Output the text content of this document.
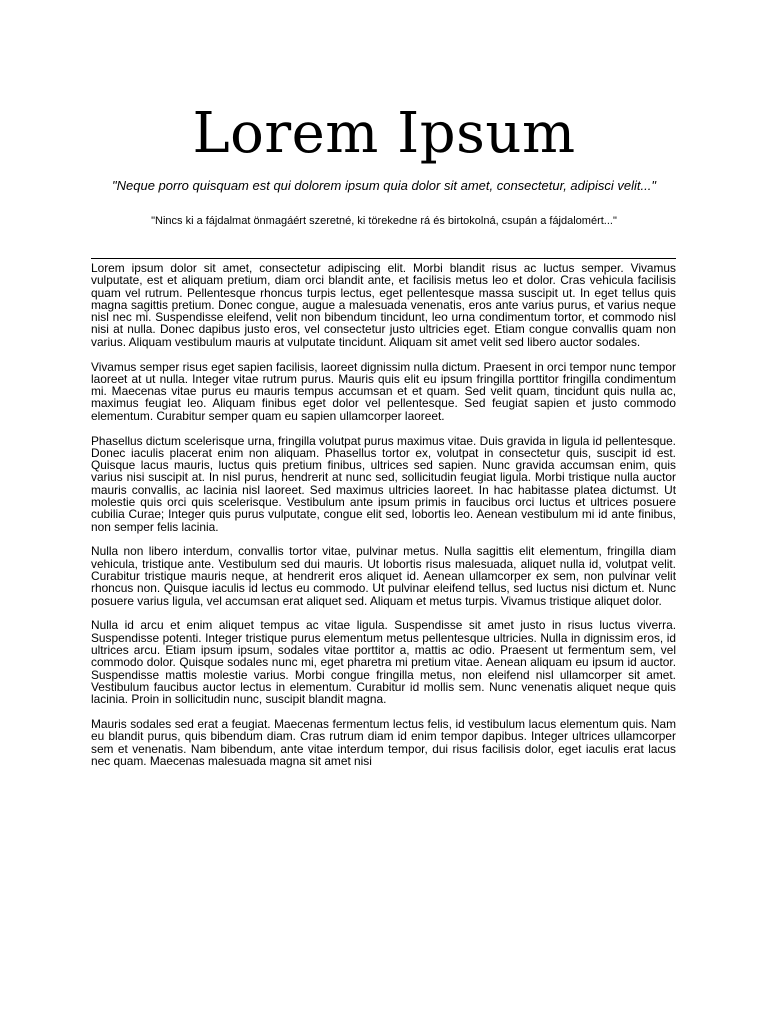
Lorem Ipsum

"Neque porro quisquam est qui dolorem ipsum quia dolor sit amet, consectetur, adipisci velit..."

"Nincs ki a fájdalmat önmagáért szeretné, ki törekedne rá és birtokolná, csupán a fájdalomért..."

Lorem ipsum dolor sit amet, consectetur adipiscing elit. Morbi blandit risus ac luctus semper. Vivamus vulputate, est et aliquam pretium, diam orci blandit ante, et facilisis metus leo et dolor. Cras vehicula facilisis quam vel rutrum. Pellentesque rhoncus turpis lectus, eget pellentesque massa suscipit ut. In eget tellus quis magna sagittis pretium. Donec congue, augue a malesuada venenatis, eros ante varius purus, et varius neque nisl nec mi. Suspendisse eleifend, velit non bibendum tincidunt, leo urna condimentum tortor, et commodo nisl nisi at nulla. Donec dapibus justo eros, vel consectetur justo ultricies eget. Etiam congue convallis quam non varius. Aliquam vestibulum mauris at vulputate tincidunt. Aliquam sit amet velit sed libero auctor sodales.

Vivamus semper risus eget sapien facilisis, laoreet dignissim nulla dictum. Praesent in orci tempor nunc tempor laoreet at ut nulla. Integer vitae rutrum purus. Mauris quis elit eu ipsum fringilla porttitor fringilla condimentum mi. Maecenas vitae purus eu mauris tempus accumsan et et quam. Sed velit quam, tincidunt quis nulla ac, maximus feugiat leo. Aliquam finibus eget dolor vel pellentesque. Sed feugiat sapien et justo commodo elementum. Curabitur semper quam eu sapien ullamcorper laoreet.

Phasellus dictum scelerisque urna, fringilla volutpat purus maximus vitae. Duis gravida in ligula id pellentesque. Donec iaculis placerat enim non aliquam. Phasellus tortor ex, volutpat in consectetur quis, suscipit id est. Quisque lacus mauris, luctus quis pretium finibus, ultrices sed sapien. Nunc gravida accumsan enim, quis varius nisi suscipit at. In nisl purus, hendrerit at nunc sed, sollicitudin feugiat ligula. Morbi tristique nulla auctor mauris convallis, ac lacinia nisl laoreet. Sed maximus ultricies laoreet. In hac habitasse platea dictumst. Ut molestie quis orci quis scelerisque. Vestibulum ante ipsum primis in faucibus orci luctus et ultrices posuere cubilia Curae; Integer quis purus vulputate, congue elit sed, lobortis leo. Aenean vestibulum mi id ante finibus, non semper felis lacinia.

Nulla non libero interdum, convallis tortor vitae, pulvinar metus. Nulla sagittis elit elementum, fringilla diam vehicula, tristique ante. Vestibulum sed dui mauris. Ut lobortis risus malesuada, aliquet nulla id, volutpat velit. Curabitur tristique mauris neque, at hendrerit eros aliquet id. Aenean ullamcorper ex sem, non pulvinar velit rhoncus non. Quisque iaculis id lectus eu commodo. Ut pulvinar eleifend tellus, sed luctus nisi dictum et. Nunc posuere varius ligula, vel accumsan erat aliquet sed. Aliquam et metus turpis. Vivamus tristique aliquet dolor.

Nulla id arcu et enim aliquet tempus ac vitae ligula. Suspendisse sit amet justo in risus luctus viverra. Suspendisse potenti. Integer tristique purus elementum metus pellentesque ultricies. Nulla in dignissim eros, id ultrices arcu. Etiam ipsum ipsum, sodales vitae porttitor a, mattis ac odio. Praesent ut fermentum sem, vel commodo dolor. Quisque sodales nunc mi, eget pharetra mi pretium vitae. Aenean aliquam eu ipsum id auctor. Suspendisse mattis molestie varius. Morbi congue fringilla metus, non eleifend nisl ullamcorper sit amet. Vestibulum faucibus auctor lectus in elementum. Curabitur id mollis sem. Nunc venenatis aliquet neque quis lacinia. Proin in sollicitudin nunc, suscipit blandit magna.

Mauris sodales sed erat a feugiat. Maecenas fermentum lectus felis, id vestibulum lacus elementum quis. Nam eu blandit purus, quis bibendum diam. Cras rutrum diam id enim tempor dapibus. Integer ultrices ullamcorper sem et venenatis. Nam bibendum, ante vitae interdum tempor, dui risus facilisis dolor, eget iaculis erat lacus nec quam. Maecenas malesuada magna sit amet nisi
